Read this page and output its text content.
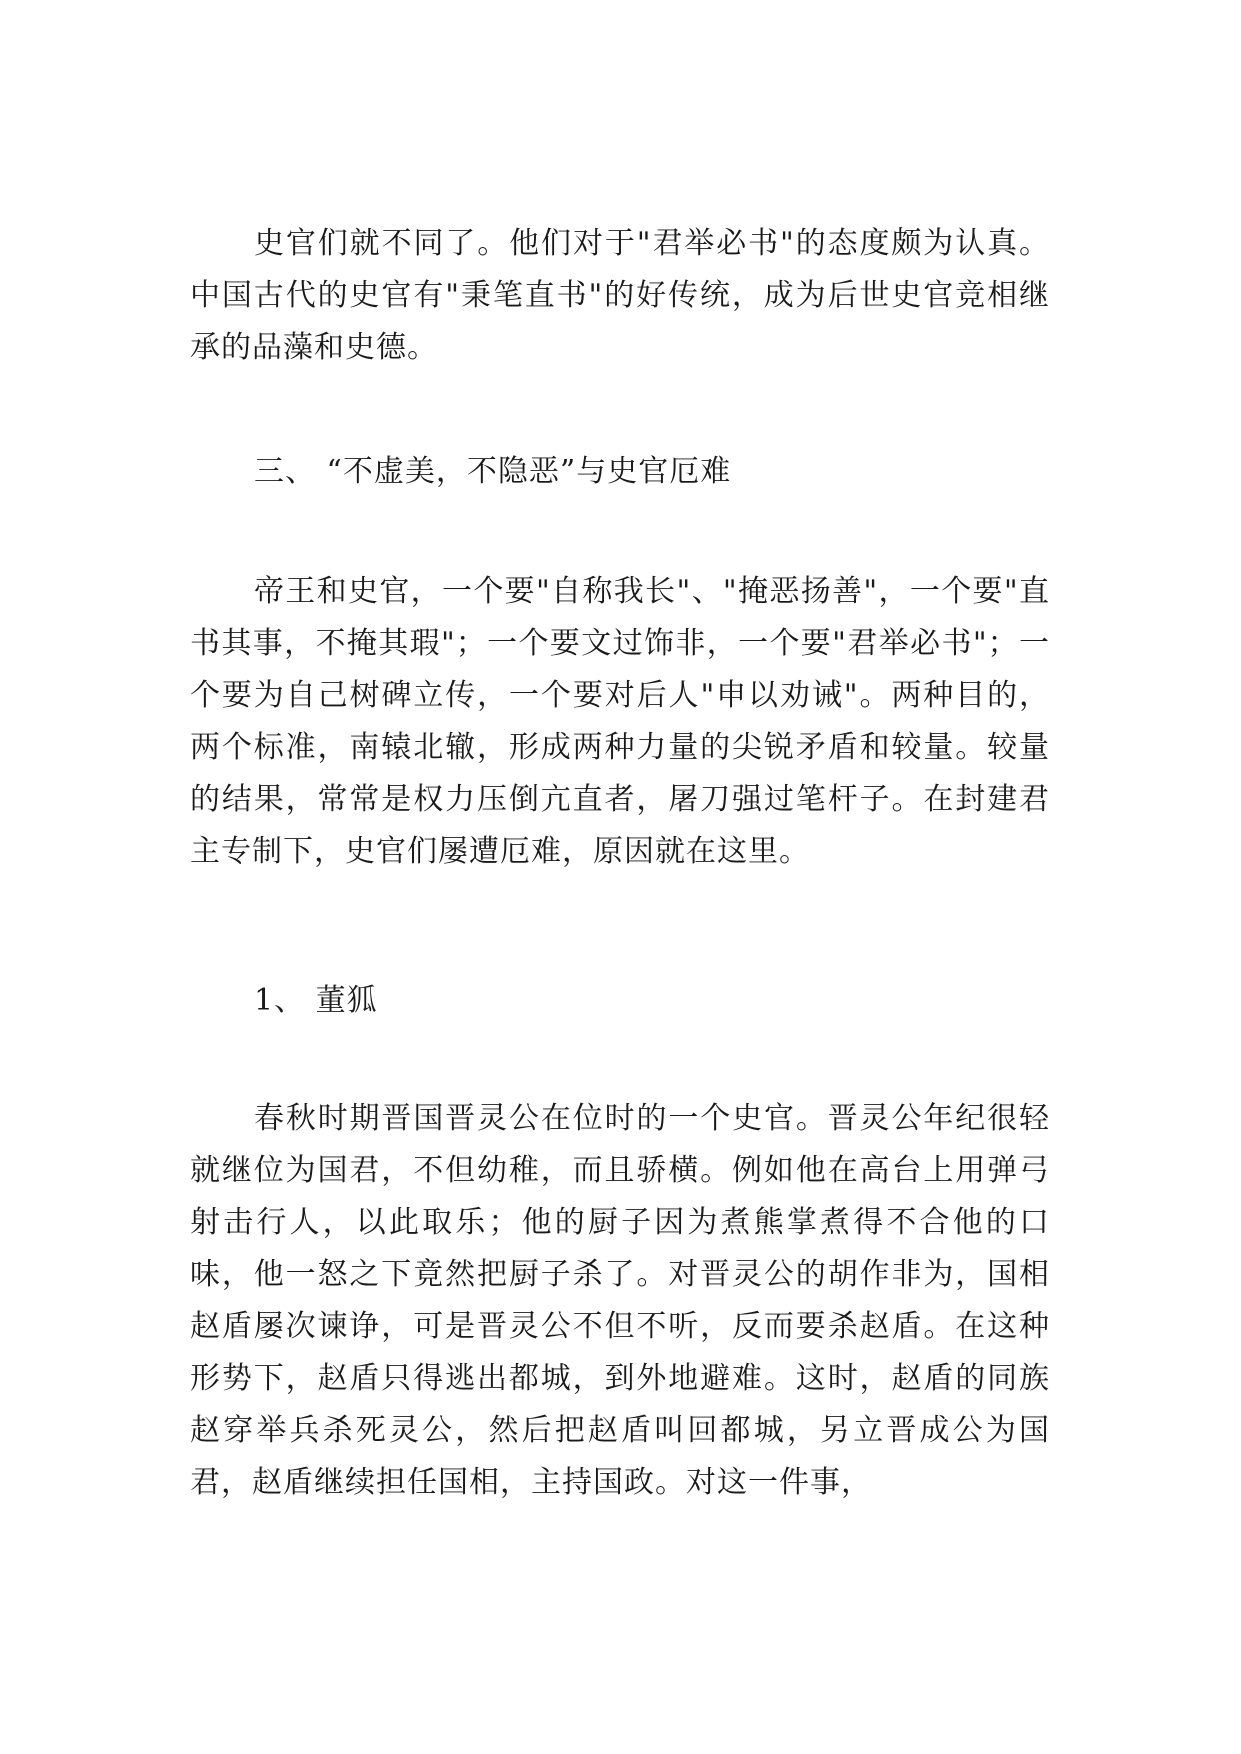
史官们就不同了。他们对于"君举必书"的态度颇为认真。中国古代的史官有"秉笔直书"的好传统，成为后世史官竞相继承的品藻和史德。

三、 “不虚美，不隐恶”与史官厄难

帝王和史官，一个要"自称我长"、"掩恶扬善"，一个要"直书其事，不掩其瑕"；一个要文过饰非，一个要"君举必书"；一个要为自己树碑立传，一个要对后人"申以劝诫"。两种目的，两个标准，南辕北辙，形成两种力量的尖锐矛盾和较量。较量的结果，常常是权力压倒亢直者，屠刀强过笔杆子。在封建君主专制下，史官们屡遭厄难，原因就在这里。

1、 董狐

春秋时期晋国晋灵公在位时的一个史官。晋灵公年纪很轻就继位为国君，不但幼稚，而且骄横。例如他在高台上用弹弓射击行人，以此取乐；他的厨子因为煮熊掌煮得不合他的口味，他一怒之下竟然把厨子杀了。对晋灵公的胡作非为，国相赵盾屡次谏诤，可是晋灵公不但不听，反而要杀赵盾。在这种形势下，赵盾只得逃出都城，到外地避难。这时，赵盾的同族赵穿举兵杀死灵公，然后把赵盾叫回都城，另立晋成公为国君，赵盾继续担任国相，主持国政。对这一件事，
